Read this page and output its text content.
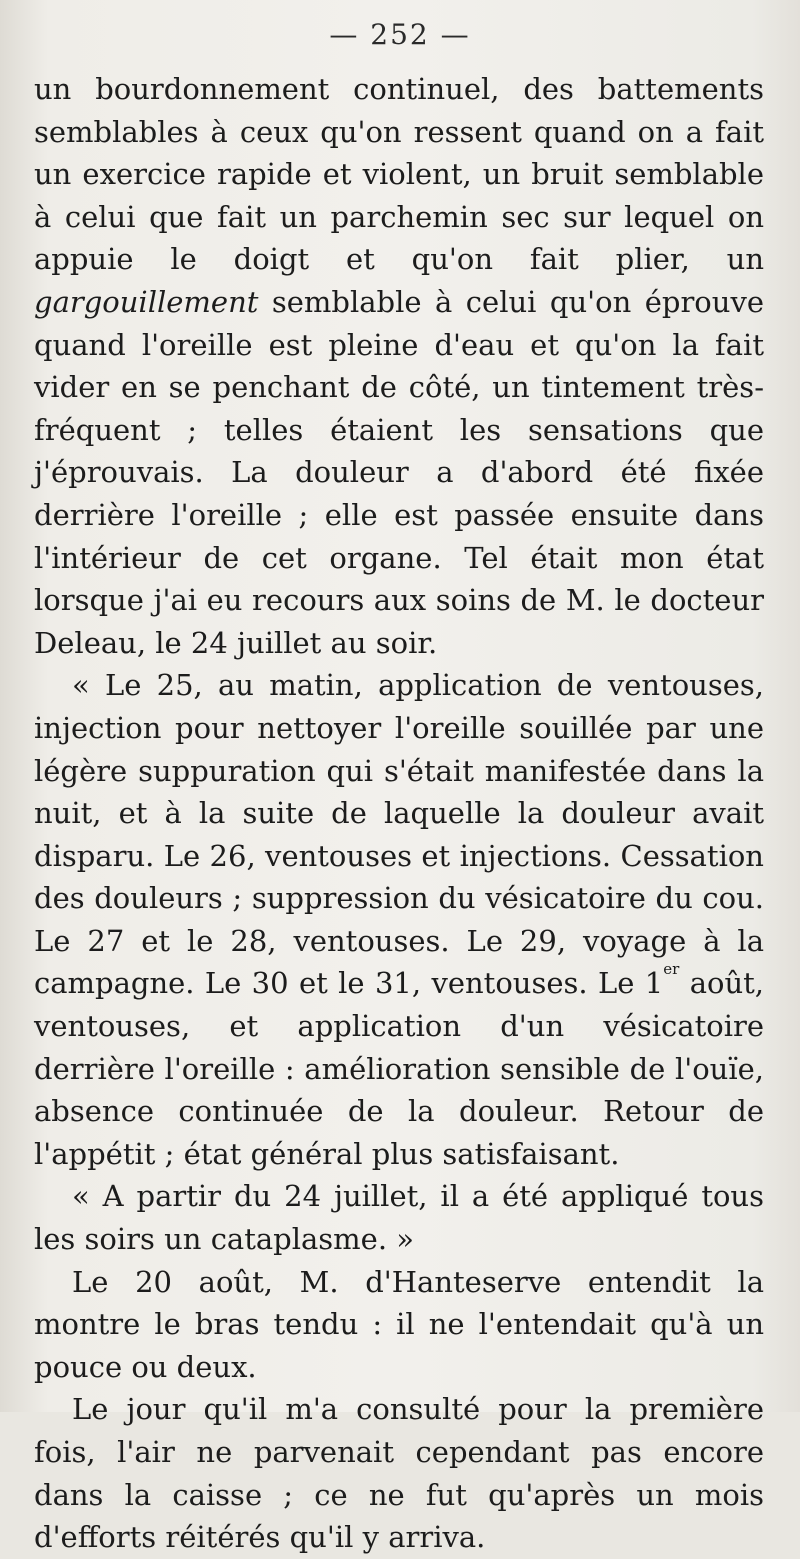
— 252 —

un bourdonnement continuel, des battements semblables à ceux qu'on ressent quand on a fait un exercice rapide et violent, un bruit semblable à celui que fait un parchemin sec sur lequel on appuie le doigt et qu'on fait plier, un gargouillement semblable à celui qu'on éprouve quand l'oreille est pleine d'eau et qu'on la fait vider en se penchant de côté, un tintement très-fréquent ; telles étaient les sensations que j'éprouvais. La douleur a d'abord été fixée derrière l'oreille ; elle est passée ensuite dans l'intérieur de cet organe. Tel était mon état lorsque j'ai eu recours aux soins de M. le docteur Deleau, le 24 juillet au soir.

« Le 25, au matin, application de ventouses, injection pour nettoyer l'oreille souillée par une légère suppuration qui s'était manifestée dans la nuit, et à la suite de laquelle la douleur avait disparu. Le 26, ventouses et injections. Cessation des douleurs ; suppression du vésicatoire du cou. Le 27 et le 28, ventouses. Le 29, voyage à la campagne. Le 30 et le 31, ventouses. Le 1er août, ventouses, et application d'un vésicatoire derrière l'oreille : amélioration sensible de l'ouïe, absence continuée de la douleur. Retour de l'appétit ; état général plus satisfaisant.

« A partir du 24 juillet, il a été appliqué tous les soirs un cataplasme. »

Le 20 août, M. d'Hanteserve entendit la montre le bras tendu : il ne l'entendait qu'à un pouce ou deux.

Le jour qu'il m'a consulté pour la première fois, l'air ne parvenait cependant pas encore dans la caisse ; ce ne fut qu'après un mois d'efforts réitérés qu'il y arriva.
